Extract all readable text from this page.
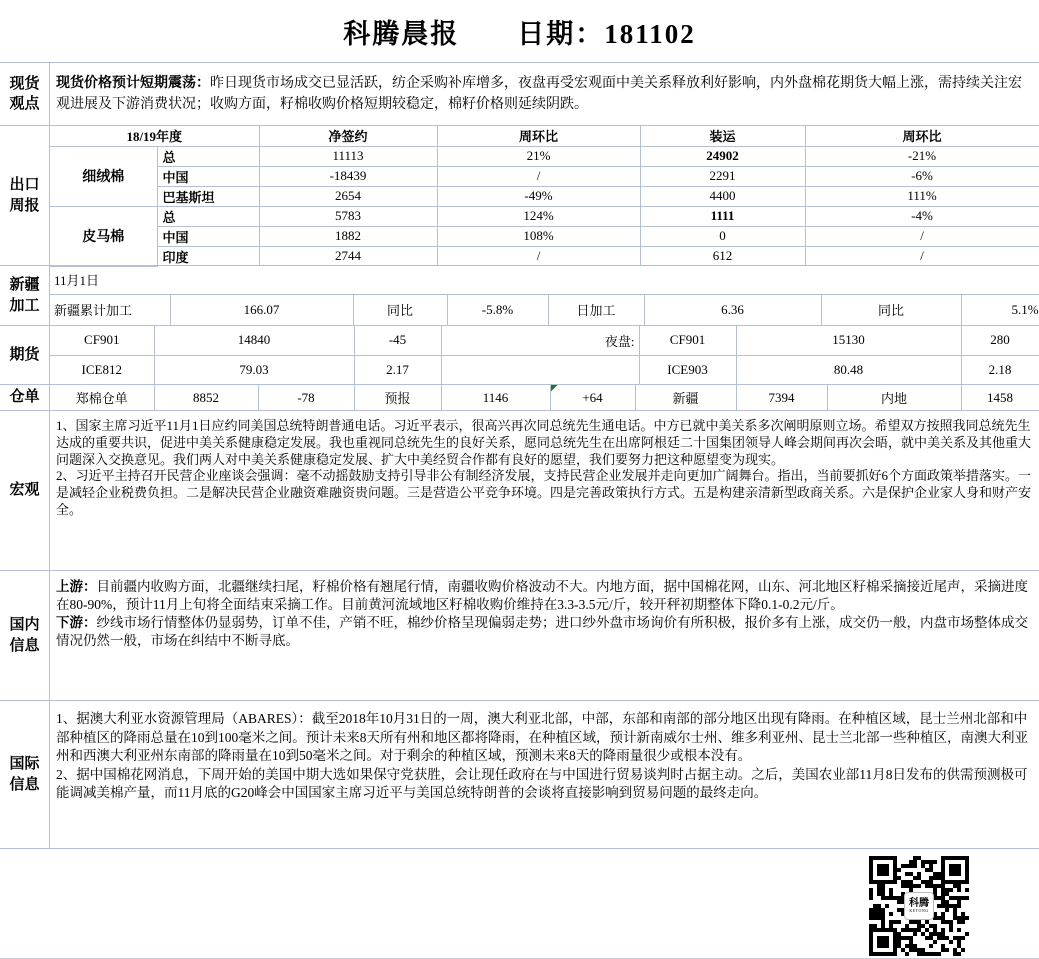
科腾晨报 日期：181102
现货观点

现货价格预计短期震荡：昨日现货市场成交已显活跃，纺企采购补库增多，夜盘再受宏观面中美关系释放利好影响，内外盘棉花期货大幅上涨，需持续关注宏观进展及下游消费状况；收购方面，籽棉收购价格短期较稳定，棉籽价格则延续阴跌。

出口周报
18/19年度		净签约	周环比	装运	周环比
细绒棉	总	11113	21%	24902	-21%
	中国	-18439	/	2291	-6%
	巴基斯坦	2654	-49%	4400	111%
皮马棉	总	5783	124%	1111	-4%
	中国	1882	108%	0	/
	印度	2744	/	612	/
新疆加工
11月1日
新疆累计加工	166.07	同比	-5.8%	日加工	6.36	同比	5.1%
期货
CF901	14840	-45	夜盘:	CF901	15130	280
ICE812	79.03	2.17		ICE903	80.48	2.18
仓单	郑棉仓单	8852	-78	预报	1146	+64	新疆	7394	内地	1458
宏观

1、国家主席习近平11月1日应约同美国总统特朗普通电话。习近平表示，很高兴再次同总统先生通电话。中方已就中美关系多次阐明原则立场。希望双方按照我同总统先生达成的重要共识，促进中美关系健康稳定发展。我也重视同总统先生的良好关系，愿同总统先生在出席阿根廷二十国集团领导人峰会期间再次会晤，就中美关系及其他重大问题深入交换意见。我们两人对中美关系健康稳定发展、扩大中美经贸合作都有良好的愿望，我们要努力把这种愿望变为现实。

2、习近平主持召开民营企业座谈会强调：毫不动摇鼓励支持引导非公有制经济发展，支持民营企业发展并走向更加广阔舞台。指出，当前要抓好6个方面政策举措落实。一是减轻企业税费负担。二是解决民营企业融资难融资贵问题。三是营造公平竞争环境。四是完善政策执行方式。五是构建亲清新型政商关系。六是保护企业家人身和财产安全。

国内信息

上游：目前疆内收购方面，北疆继续扫尾，籽棉价格有翘尾行情，南疆收购价格波动不大。内地方面，据中国棉花网，山东、河北地区籽棉采摘接近尾声，采摘进度在80-90%，预计11月上旬将全面结束采摘工作。目前黄河流域地区籽棉收购价维持在3.3-3.5元/斤，较开秤初期整体下降0.1-0.2元/斤。

下游：纱线市场行情整体仍显弱势，订单不佳，产销不旺，棉纱价格呈现偏弱走势；进口纱外盘市场询价有所积极，报价多有上涨，成交仍一般，内盘市场整体成交情况仍然一般，市场在纠结中不断寻底。

国际信息

1、据澳大利亚水资源管理局（ABARES）：截至2018年10月31日的一周，澳大利亚北部，中部，东部和南部的部分地区出现有降雨。在种植区域，昆士兰州北部和中部种植区的降雨总量在10到100毫米之间。预计未来8天所有州和地区都将降雨，在种植区域，预计新南威尔士州、维多利亚州、昆士兰北部一些种植区，南澳大利亚州和西澳大利亚州东南部的降雨量在10到50毫米之间。对于剩余的种植区域，预测未来8天的降雨量很少或根本没有。

2、据中国棉花网消息，下周开始的美国中期大选如果保守党获胜，会让现任政府在与中国进行贸易谈判时占据主动。之后，美国农业部11月8日发布的供需预测极可能调减美棉产量，而11月底的G20峰会中国国家主席习近平与美国总统特朗普的会谈将直接影响到贸易问题的最终走向。

科腾
KETONG
